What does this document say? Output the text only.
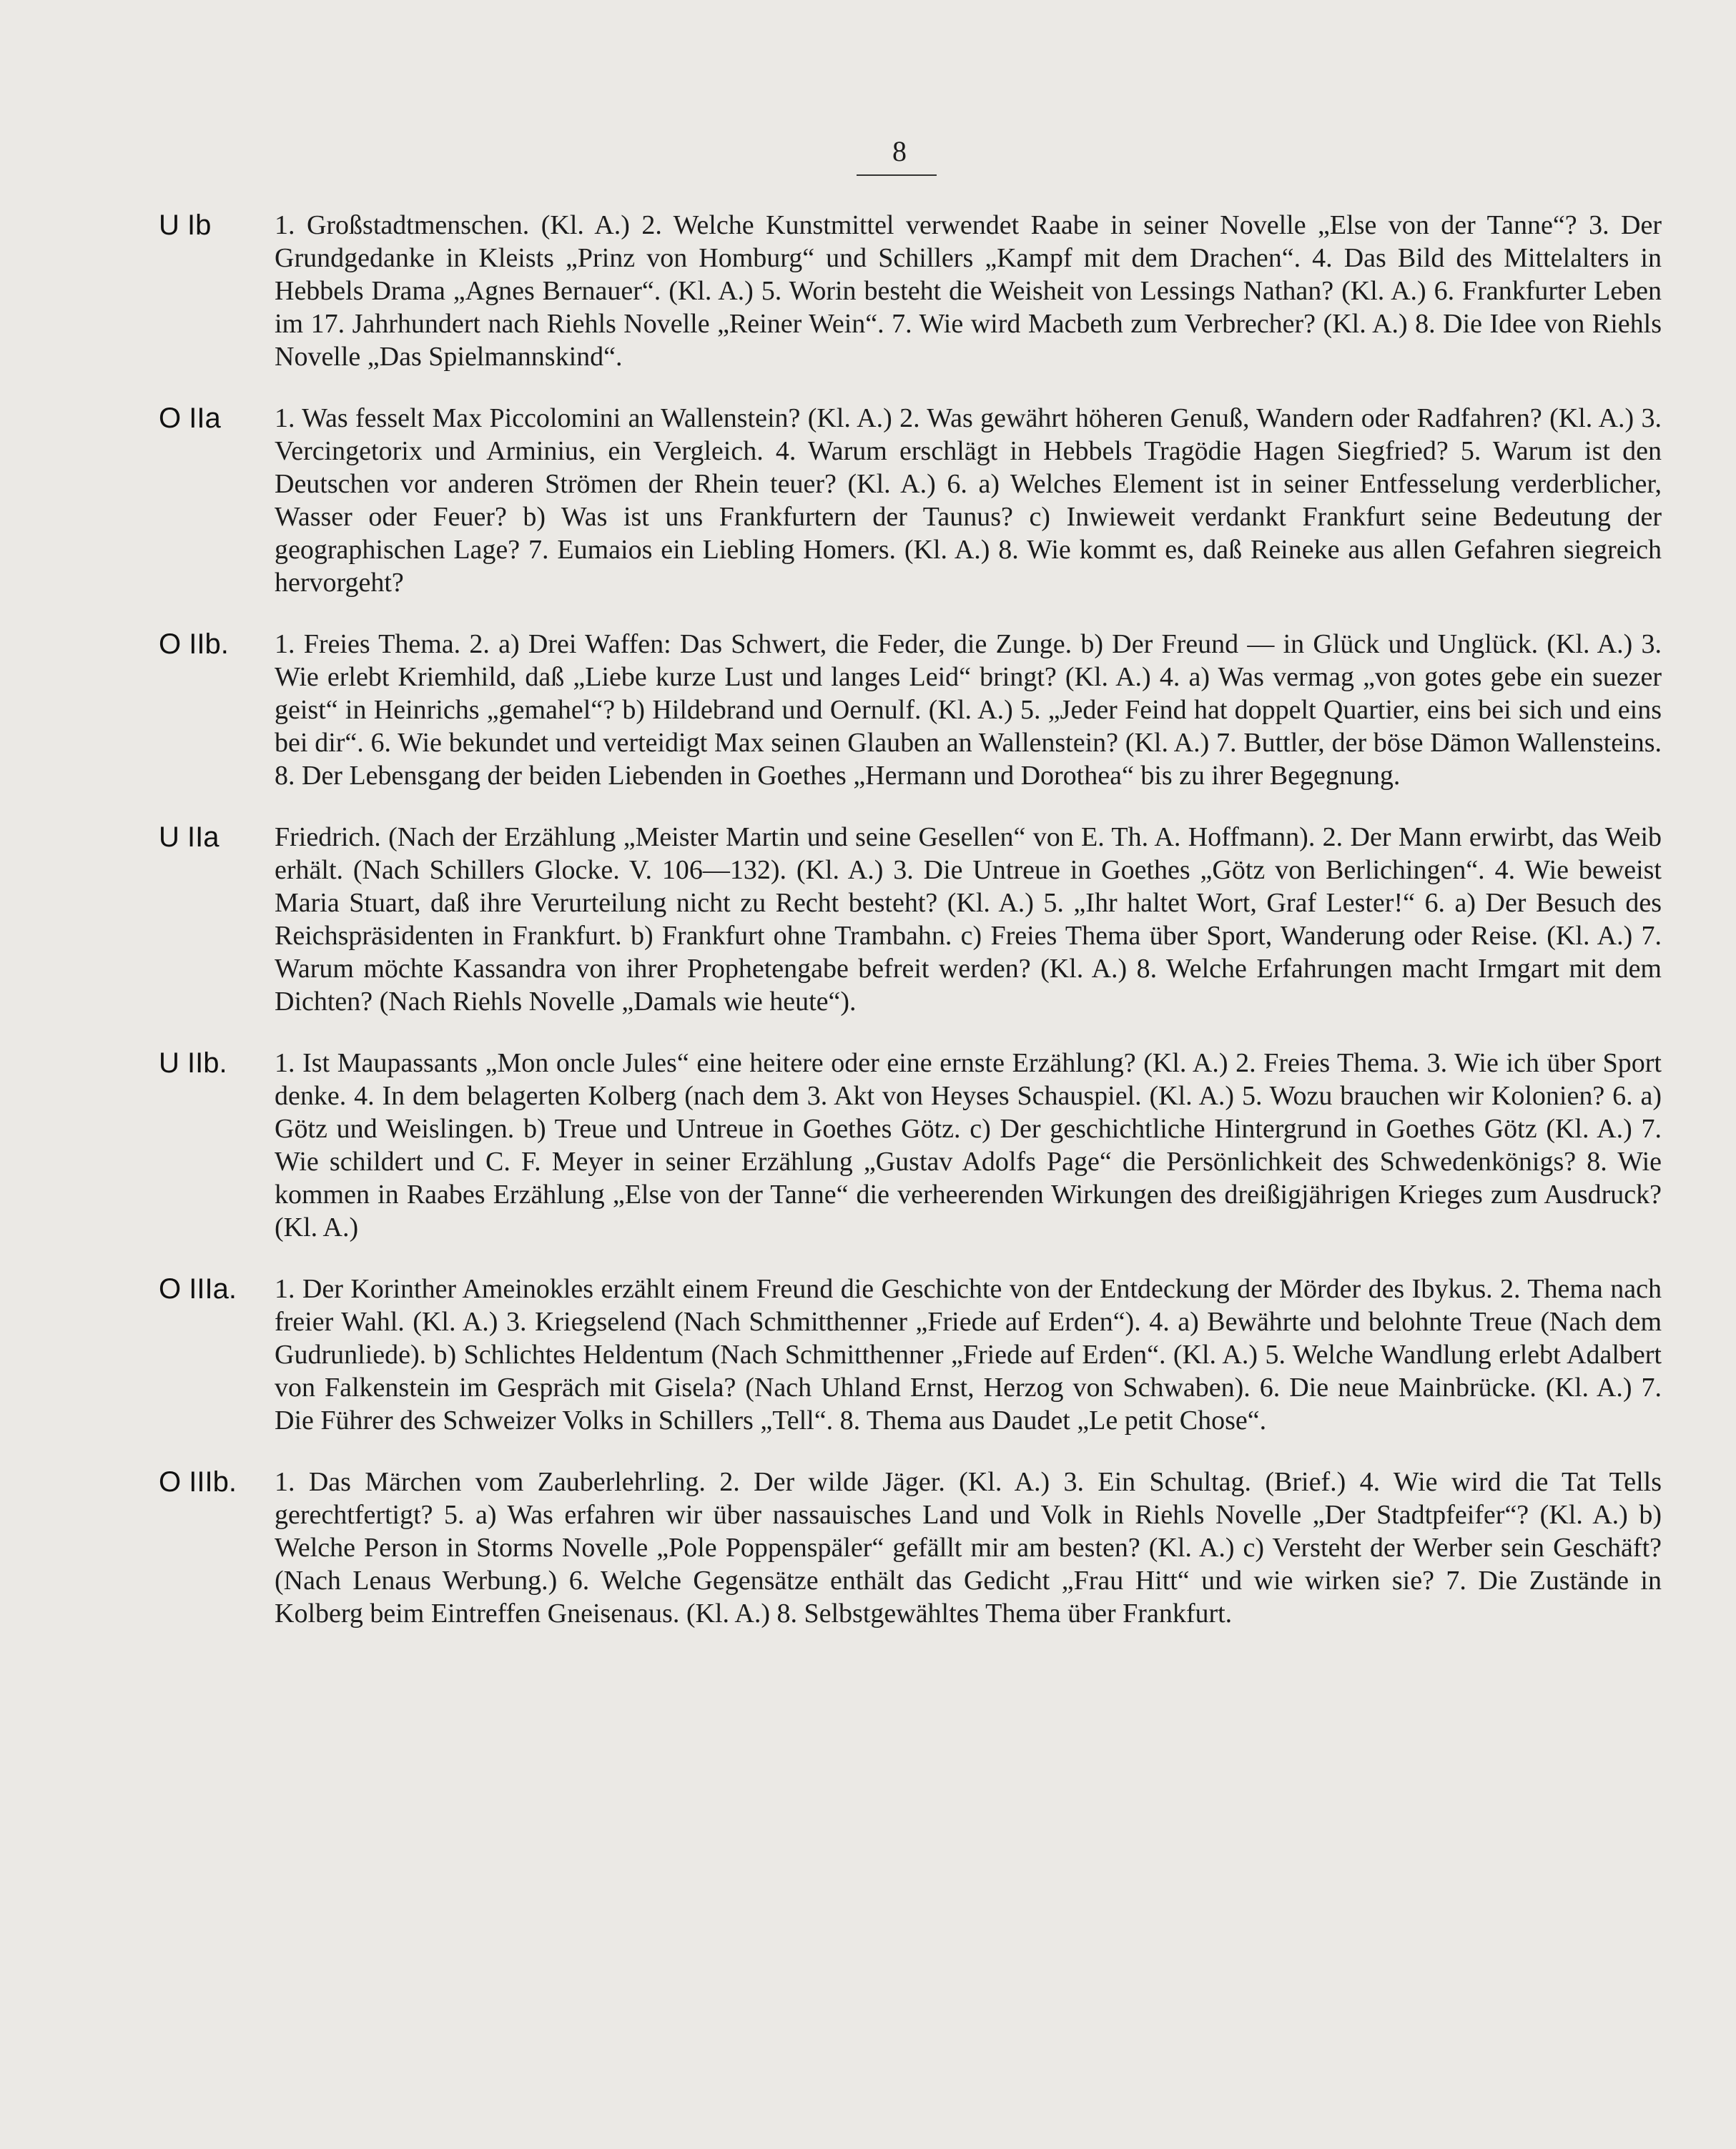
8
U Ib 1. Großstadtmenschen. (Kl. A.) 2. Welche Kunstmittel verwendet Raabe in seiner Novelle „Else von der Tanne“? 3. Der Grundgedanke in Kleists „Prinz von Homburg“ und Schillers „Kampf mit dem Drachen“. 4. Das Bild des Mittelalters in Hebbels Drama „Agnes Bernauer“. (Kl. A.) 5. Worin besteht die Weisheit von Lessings Nathan? (Kl. A.) 6. Frankfurter Leben im 17. Jahrhundert nach Riehls Novelle „Reiner Wein“. 7. Wie wird Macbeth zum Verbrecher? (Kl. A.) 8. Die Idee von Riehls Novelle „Das Spielmannskind“.
O IIa 1. Was fesselt Max Piccolomini an Wallenstein? (Kl. A.) 2. Was gewährt höheren Genuß, Wandern oder Radfahren? (Kl. A.) 3. Vercingetorix und Arminius, ein Vergleich. 4. Warum erschlägt in Hebbels Tragödie Hagen Siegfried? 5. Warum ist den Deutschen vor anderen Strömen der Rhein teuer? (Kl. A.) 6. a) Welches Element ist in seiner Entfesselung verderblicher, Wasser oder Feuer? b) Was ist uns Frankfurtern der Taunus? c) Inwieweit verdankt Frankfurt seine Bedeutung der geographischen Lage? 7. Eumaios ein Liebling Homers. (Kl. A.) 8. Wie kommt es, daß Reineke aus allen Gefahren siegreich hervorgeht?
O IIb. 1. Freies Thema. 2. a) Drei Waffen: Das Schwert, die Feder, die Zunge. b) Der Freund — in Glück und Unglück. (Kl. A.) 3. Wie erlebt Kriemhild, daß „Liebe kurze Lust und langes Leid“ bringt? (Kl. A.) 4. a) Was vermag „von gotes gebe ein suezer geist“ in Heinrichs „gemahel“? b) Hildebrand und Oernulf. (Kl. A.) 5. „Jeder Feind hat doppelt Quartier, eins bei sich und eins bei dir“. 6. Wie bekundet und verteidigt Max seinen Glauben an Wallenstein? (Kl. A.) 7. Buttler, der böse Dämon Wallensteins. 8. Der Lebensgang der beiden Liebenden in Goethes „Hermann und Dorothea“ bis zu ihrer Begegnung.
U IIa Friedrich. (Nach der Erzählung „Meister Martin und seine Gesellen“ von E. Th. A. Hoffmann). 2. Der Mann erwirbt, das Weib erhält. (Nach Schillers Glocke. V. 106—132). (Kl. A.) 3. Die Untreue in Goethes „Götz von Berlichingen“. 4. Wie beweist Maria Stuart, daß ihre Verurteilung nicht zu Recht besteht? (Kl. A.) 5. „Ihr haltet Wort, Graf Lester!“ 6. a) Der Besuch des Reichspräsidenten in Frankfurt. b) Frankfurt ohne Trambahn. c) Freies Thema über Sport, Wanderung oder Reise. (Kl. A.) 7. Warum möchte Kassandra von ihrer Prophetengabe befreit werden? (Kl. A.) 8. Welche Erfahrungen macht Irmgart mit dem Dichten? (Nach Riehls Novelle „Damals wie heute“).
U IIb. 1. Ist Maupassants „Mon oncle Jules“ eine heitere oder eine ernste Erzählung? (Kl. A.) 2. Freies Thema. 3. Wie ich über Sport denke. 4. In dem belagerten Kolberg (nach dem 3. Akt von Heyses Schauspiel. (Kl. A.) 5. Wozu brauchen wir Kolonien? 6. a) Götz und Weislingen. b) Treue und Untreue in Goethes Götz. c) Der geschichtliche Hintergrund in Goethes Götz (Kl. A.) 7. Wie schildert und C. F. Meyer in seiner Erzählung „Gustav Adolfs Page“ die Persönlichkeit des Schwedenkönigs? 8. Wie kommen in Raabes Erzählung „Else von der Tanne“ die verheerenden Wirkungen des dreißigjährigen Krieges zum Ausdruck? (Kl. A.)
O IIIa. 1. Der Korinther Ameinokles erzählt einem Freund die Geschichte von der Entdeckung der Mörder des Ibykus. 2. Thema nach freier Wahl. (Kl. A.) 3. Kriegselend (Nach Schmitthenner „Friede auf Erden“). 4. a) Bewährte und belohnte Treue (Nach dem Gudrunliede). b) Schlichtes Heldentum (Nach Schmitthenner „Friede auf Erden“. (Kl. A.) 5. Welche Wandlung erlebt Adalbert von Falkenstein im Gespräch mit Gisela? (Nach Uhland Ernst, Herzog von Schwaben). 6. Die neue Mainbrücke. (Kl. A.) 7. Die Führer des Schweizer Volks in Schillers „Tell“. 8. Thema aus Daudet „Le petit Chose“.
O IIIb. 1. Das Märchen vom Zauberlehrling. 2. Der wilde Jäger. (Kl. A.) 3. Ein Schultag. (Brief.) 4. Wie wird die Tat Tells gerechtfertigt? 5. a) Was erfahren wir über nassauisches Land und Volk in Riehls Novelle „Der Stadtpfeifer“? (Kl. A.) b) Welche Person in Storms Novelle „Pole Poppenspäler“ gefällt mir am besten? (Kl. A.) c) Versteht der Werber sein Geschäft? (Nach Lenaus Werbung.) 6. Welche Gegensätze enthält das Gedicht „Frau Hitt“ und wie wirken sie? 7. Die Zustände in Kolberg beim Eintreffen Gneisenaus. (Kl. A.) 8. Selbstgewähltes Thema über Frankfurt.
